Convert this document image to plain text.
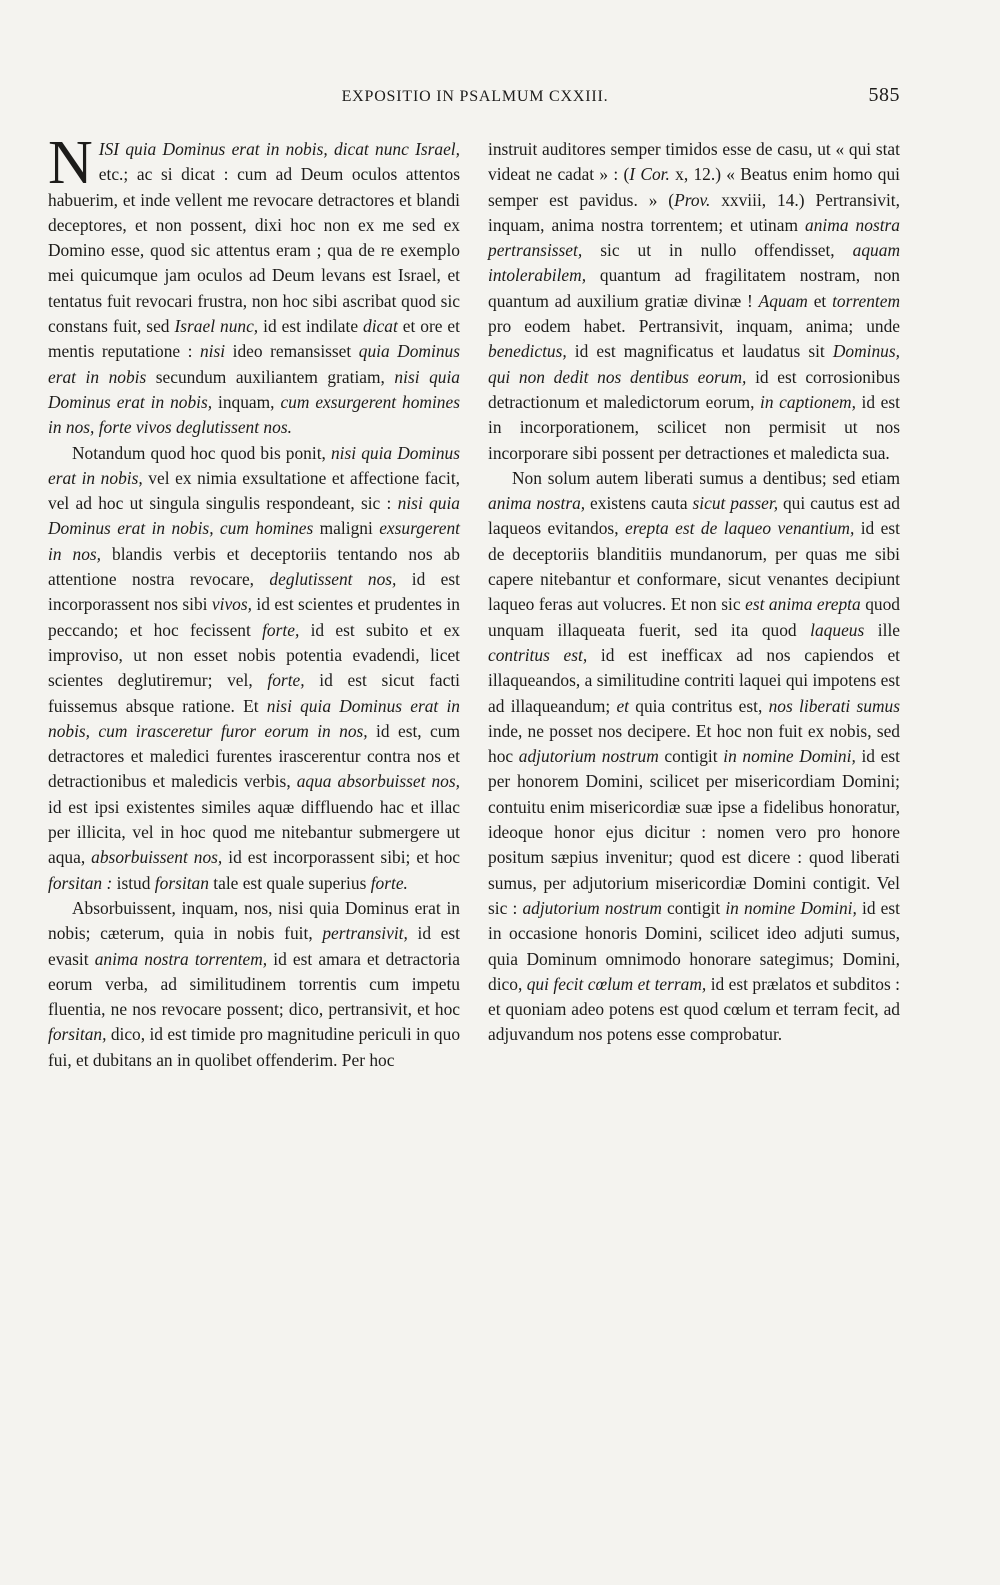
EXPOSITIO IN PSALMUM CXXIII.	585

NISI quia Dominus erat in nobis, dicat nunc Israel, etc.; ac si dicat : cum ad Deum oculos attentos habuerim, et inde vellent me revocare detractores et blandi deceptores, et non possent, dixi hoc non ex me sed ex Domino esse, quod sic attentus eram ; qua de re exemplo mei quicumque jam oculos ad Deum levans est Israel, et tentatus fuit revocari frustra, non hoc sibi ascribat quod sic constans fuit, sed Israel nunc, id est indilate dicat et ore et mentis reputatione : nisi ideo remansisset quia Dominus erat in nobis secundum auxiliantem gratiam, nisi quia Dominus erat in nobis, inquam, cum exsurgerent homines in nos, forte vivos deglutissent nos.

Notandum quod hoc quod bis ponit, nisi quia Dominus erat in nobis, vel ex nimia exsultatione et affectione facit, vel ad hoc ut singula singulis respondeant, sic : nisi quia Dominus erat in nobis, cum homines maligni exsurgerent in nos, blandis verbis et deceptoriis tentando nos ab attentione nostra revocare, deglutissent nos, id est incorporassent nos sibi vivos, id est scientes et prudentes in peccando; et hoc fecissent forte, id est subito et ex improviso, ut non esset nobis potentia evadendi, licet scientes deglutiremur; vel, forte, id est sicut facti fuissemus absque ratione. Et nisi quia Dominus erat in nobis, cum irasceretur furor eorum in nos, id est, cum detractores et maledici furentes irascerentur contra nos et detractionibus et maledicis verbis, aqua absorbuisset nos, id est ipsi existentes similes aquæ diffluendo hac et illac per illicita, vel in hoc quod me nitebantur submergere ut aqua, absorbuissent nos, id est incorporassent sibi; et hoc forsitan : istud forsitan tale est quale superius forte.

Absorbuissent, inquam, nos, nisi quia Dominus erat in nobis; cæterum, quia in nobis fuit, pertransivit, id est evasit anima nostra torrentem, id est amara et detractoria eorum verba, ad similitudinem torrentis cum impetu fluentia, ne nos revocare possent; dico, pertransivit, et hoc forsitan, dico, id est timide pro magnitudine periculi in quo fui, et dubitans an in quolibet offenderim. Per hoc

instruit auditores semper timidos esse de casu, ut « qui stat videat ne cadat » : (I Cor. x, 12.) « Beatus enim homo qui semper est pavidus. » (Prov. xxviii, 14.) Pertransivit, inquam, anima nostra torrentem; et utinam anima nostra pertransisset, sic ut in nullo offendisset, aquam intolerabilem, quantum ad fragilitatem nostram, non quantum ad auxilium gratiæ divinæ ! Aquam et torrentem pro eodem habet. Pertransivit, inquam, anima; unde benedictus, id est magnificatus et laudatus sit Dominus, qui non dedit nos dentibus eorum, id est corrosionibus detractionum et maledictorum eorum, in captionem, id est in incorporationem, scilicet non permisit ut nos incorporare sibi possent per detractiones et maledicta sua.

Non solum autem liberati sumus a dentibus; sed etiam anima nostra, existens cauta sicut passer, qui cautus est ad laqueos evitandos, erepta est de laqueo venantium, id est de deceptoriis blanditiis mundanorum, per quas me sibi capere nitebantur et conformare, sicut venantes decipiunt laqueo feras aut volucres. Et non sic est anima erepta quod unquam illaqueata fuerit, sed ita quod laqueus ille contritus est, id est inefficax ad nos capiendos et illaqueandos, a similitudine contriti laquei qui impotens est ad illaqueandum; et quia contritus est, nos liberati sumus inde, ne posset nos decipere. Et hoc non fuit ex nobis, sed hoc adjutorium nostrum contigit in nomine Domini, id est per honorem Domini, scilicet per misericordiam Domini; contuitu enim misericordiæ suæ ipse a fidelibus honoratur, ideoque honor ejus dicitur : nomen vero pro honore positum sæpius invenitur; quod est dicere : quod liberati sumus, per adjutorium misericordiæ Domini contigit. Vel sic : adjutorium nostrum contigit in nomine Domini, id est in occasione honoris Domini, scilicet ideo adjuti sumus, quia Dominum omnimodo honorare sategimus; Domini, dico, qui fecit cœlum et terram, id est prælatos et subditos : et quoniam adeo potens est quod cœlum et terram fecit, ad adjuvandum nos potens esse comprobatur.
